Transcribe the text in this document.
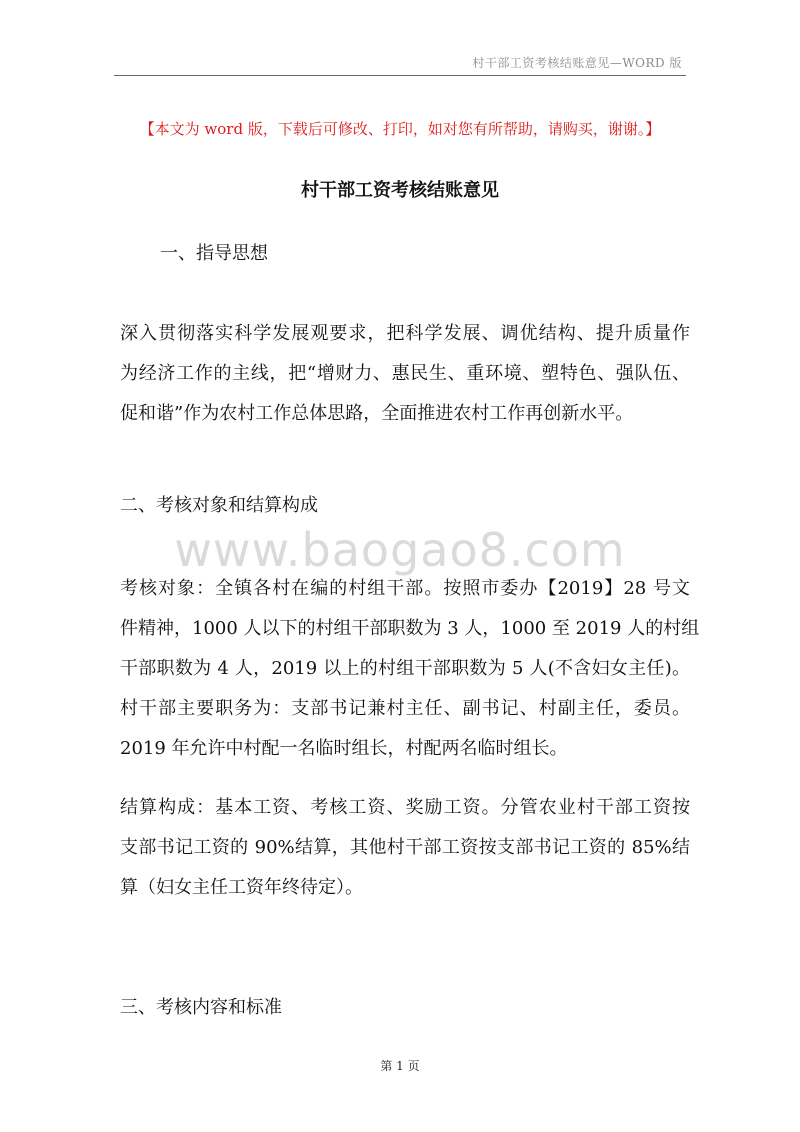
村干部工资考核结账意见—WORD 版
【本文为 word 版，下载后可修改、打印，如对您有所帮助，请购买，谢谢。】
村干部工资考核结账意见
一、指导思想
深入贯彻落实科学发展观要求，把科学发展、调优结构、提升质量作
为经济工作的主线，把“增财力、惠民生、重环境、塑特色、强队伍、
促和谐”作为农村工作总体思路，全面推进农村工作再创新水平。
二、考核对象和结算构成
www.baogao8.com
考核对象：全镇各村在编的村组干部。按照市委办【2019】28 号文
件精神，1000 人以下的村组干部职数为 3 人，1000 至 2019 人的村组
干部职数为 4 人，2019 以上的村组干部职数为 5 人(不含妇女主任)。
村干部主要职务为：支部书记兼村主任、副书记、村副主任，委员。
2019 年允许中村配一名临时组长，村配两名临时组长。
结算构成：基本工资、考核工资、奖励工资。分管农业村干部工资按
支部书记工资的 90%结算，其他村干部工资按支部书记工资的 85%结
算（妇女主任工资年终待定）。
三、考核内容和标准
第 1 页
